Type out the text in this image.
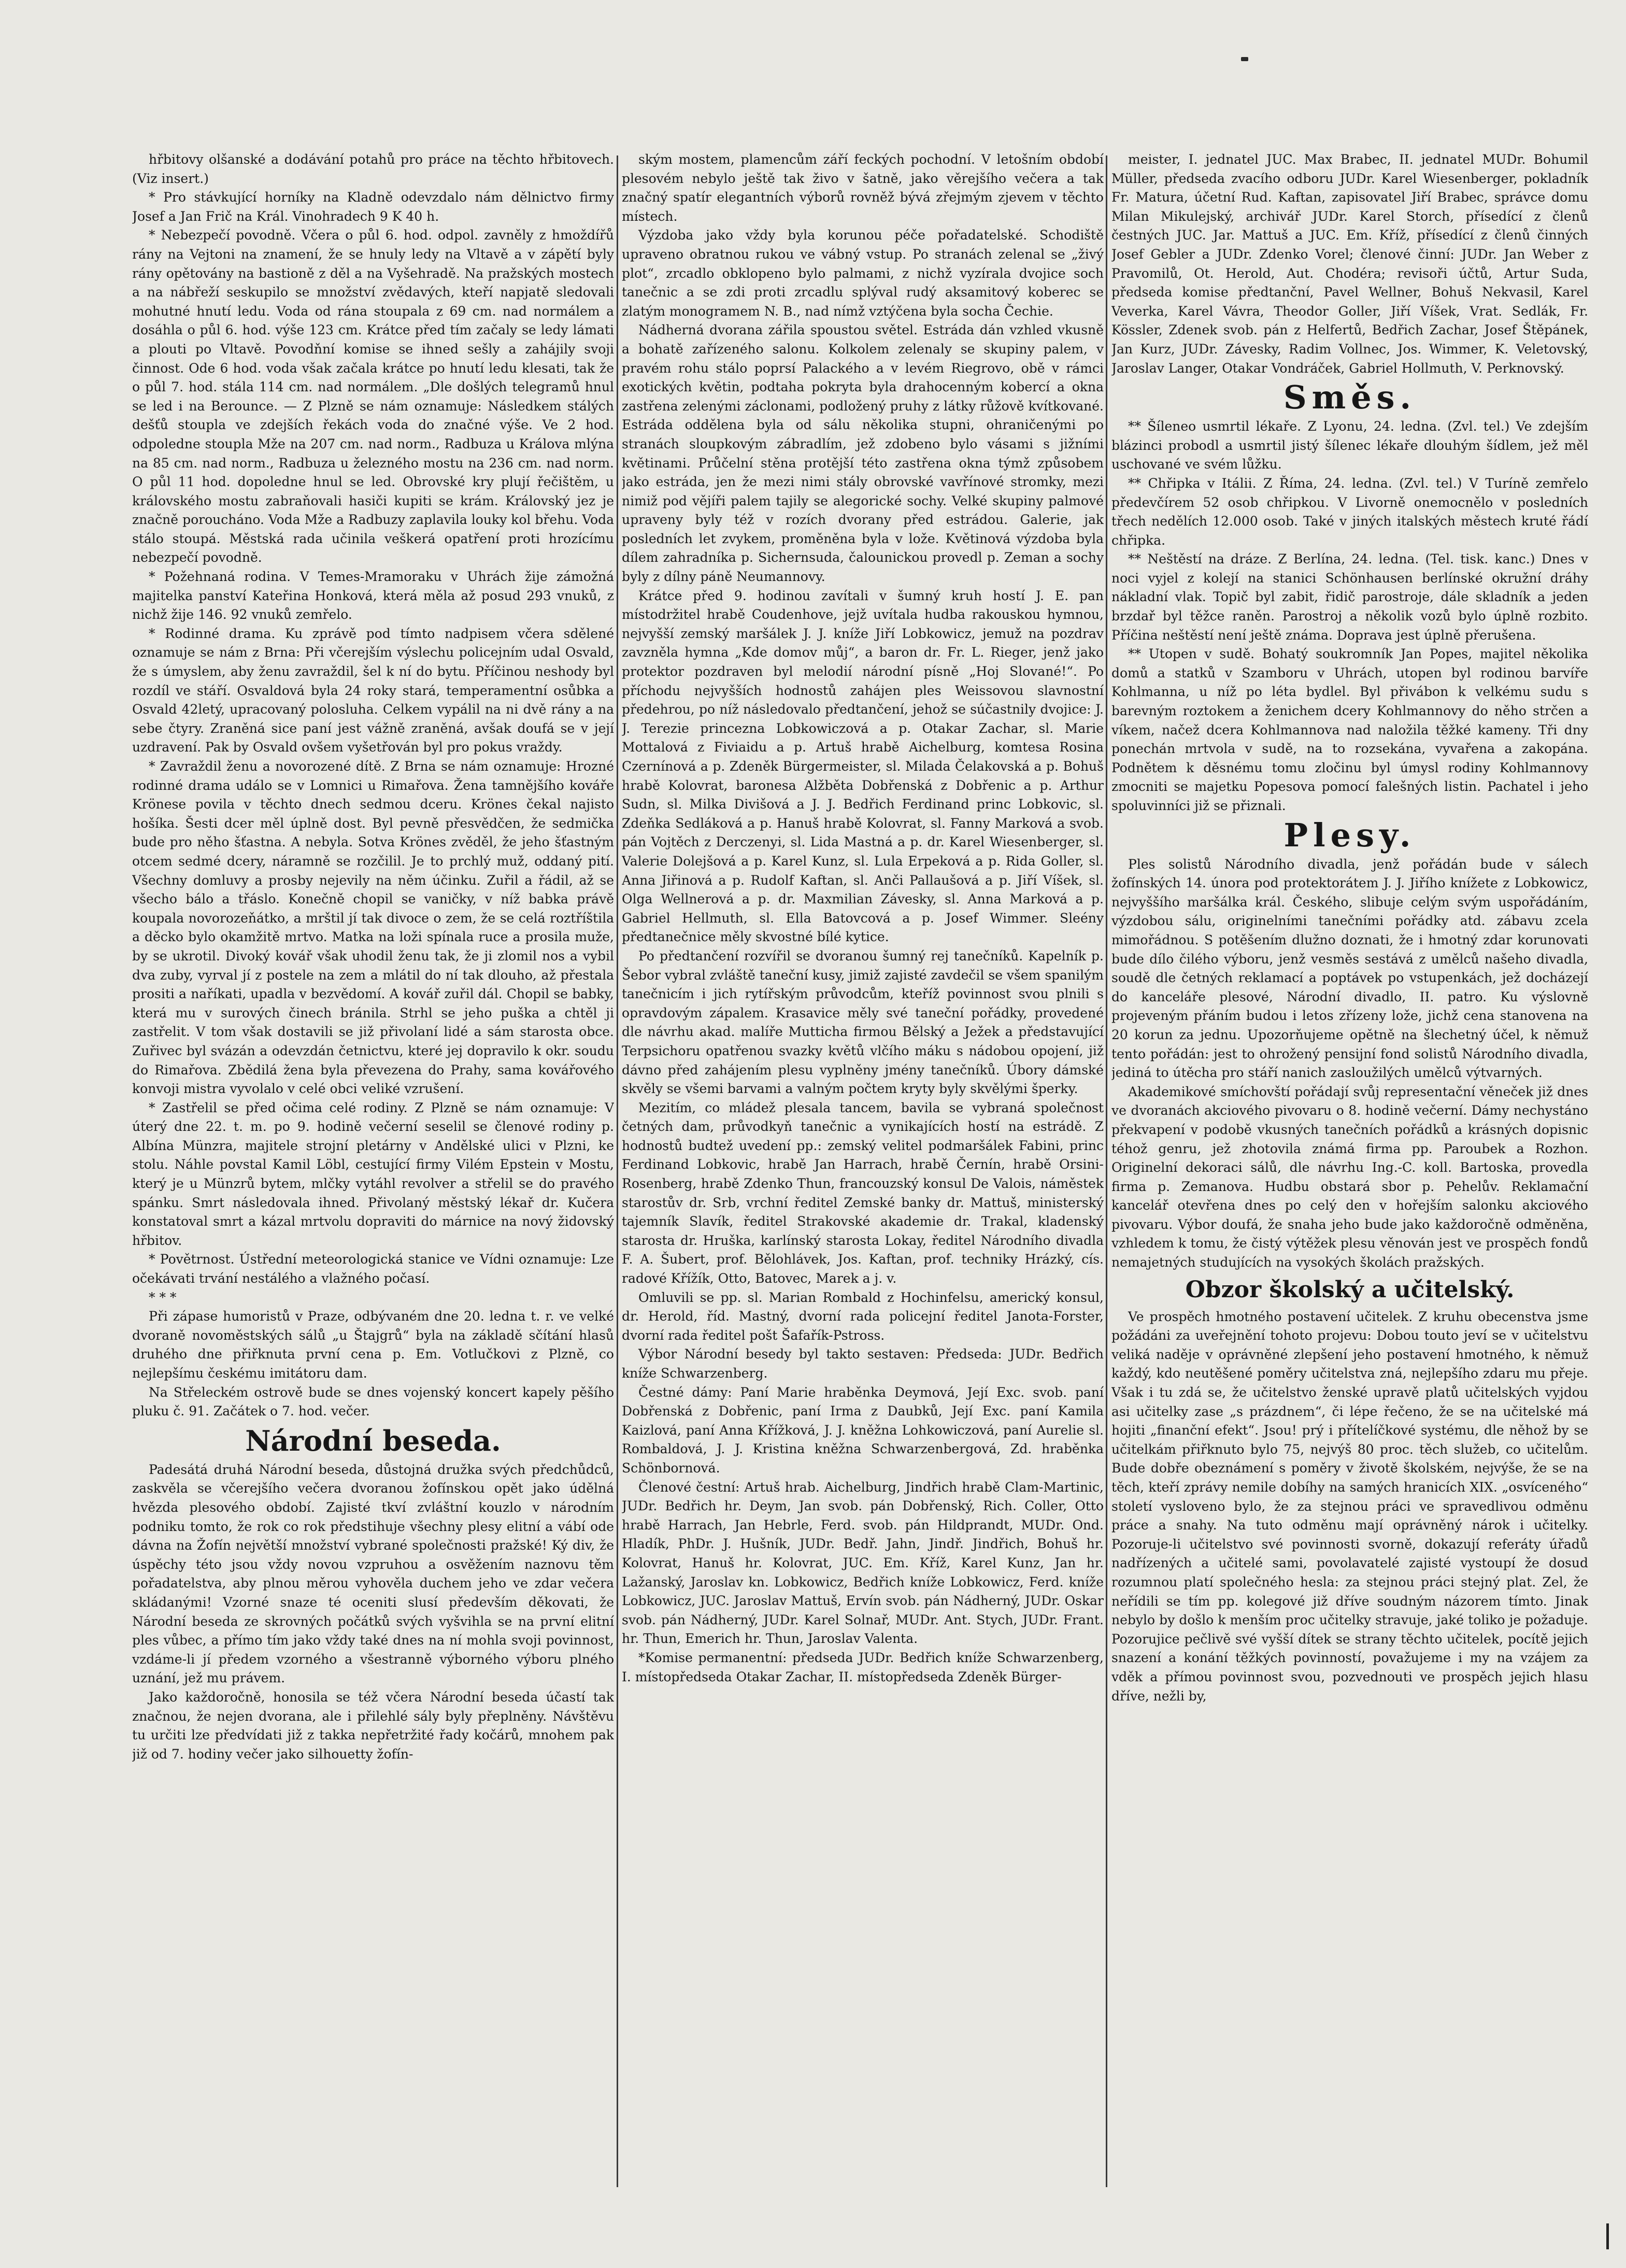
hřbitovy olšanské a dodávání potahů pro práce na těchto hřbitovech. (Viz insert.)

* Pro stávkující horníky na Kladně odevzdalo nám dělnictvo firmy Josef a Jan Frič na Král. Vinohradech 9 K 40 h.

* Nebezpečí povodně. Včera o půl 6. hod. odpol. zavněly z hmoždířů rány na Vejtoni na znamení, že se hnuly ledy na Vltavě a v zápětí byly rány opětovány na bastioně z děl a na Vyšehradě. Na pražských mostech a na nábřeží seskupilo se množství zvědavých, kteří napjatě sledovali mohutné hnutí ledu. Voda od rána stoupala z 69 cm. nad normálem a dosáhla o půl 6. hod. výše 123 cm. Krátce před tím začaly se ledy lámati a plouti po Vltavě. Povodňní komise se ihned sešly a zahájily svoji činnost. Ode 6 hod. voda však začala krátce po hnutí ledu klesati, tak že o půl 7. hod. stála 114 cm. nad normálem. „Dle došlých telegramů hnul se led i na Berounce. — Z Plzně se nám oznamuje: Následkem stálých dešťů stoupla ve zdejších řekách voda do značné výše. Ve 2 hod. odpoledne stoupla Mže na 207 cm. nad norm., Radbuza u Králova mlýna na 85 cm. nad norm., Radbuza u železného mostu na 236 cm. nad norm. O půl 11 hod. dopoledne hnul se led. Obrovské kry plují řečištěm, u královského mostu zabraňovali hasiči kupiti se krám. Královský jez je značně poroucháno. Voda Mže a Radbuzy zaplavila louky kol břehu. Voda stálo stoupá. Městská rada učinila veškerá opatření proti hrozícímu nebezpečí povodně.

* Požehnaná rodina. V Temes-Mramoraku v Uhrách žije zámožná majitelka panství Kateřina Honková, která měla až posud 293 vnuků, z nichž žije 146. 92 vnuků zemřelo.

* Rodinné drama. Ku zprávě pod tímto nadpisem včera sdělené oznamuje se nám z Brna: Při včerejším výslechu policejním udal Osvald, že s úmyslem, aby ženu zavraždil, šel k ní do bytu. Příčinou neshody byl rozdíl ve stáří. Osvaldová byla 24 roky stará, temperamentní osůbka a Osvald 42letý, upracovaný polosluha. Celkem vypálil na ni dvě rány a na sebe čtyry. Zraněná sice paní jest vážně zraněná, avšak doufá se v její uzdravení. Pak by Osvald ovšem vyšetřován byl pro pokus vraždy.

* Zavraždil ženu a novorozené dítě. Z Brna se nám oznamuje: Hrozné rodinné drama událo se v Lomnici u Rimařova. Žena tamnějšího kováře Krönese povila v těchto dnech sedmou dceru. Krönes čekal najisto hošíka. Šesti dcer měl úplně dost. Byl pevně přesvědčen, že sedmička bude pro něho šťastna. A nebyla. Sotva Krönes zvěděl, že jeho šťastným otcem sedmé dcery, náramně se rozčilil. Je to prchlý muž, oddaný pití. Všechny domluvy a prosby nejevily na něm účinku. Zuřil a řádil, až se všecho bálo a třáslo. Konečně chopil se vaničky, v níž babka právě koupala novorozeňátko, a mrštil jí tak divoce o zem, že se celá roztříštila a děcko bylo okamžitě mrtvo. Matka na loži spínala ruce a prosila muže, by se ukrotil. Divoký kovář však uhodil ženu tak, že ji zlomil nos a vybil dva zuby, vyrval jí z postele na zem a mlátil do ní tak dlouho, až přestala prositi a naříkati, upadla v bezvědomí. A kovář zuřil dál. Chopil se babky, která mu v surových činech bránila. Strhl se jeho puška a chtěl ji zastřelit. V tom však dostavili se již přivolaní lidé a sám starosta obce. Zuřivec byl svázán a odevzdán četnictvu, které jej dopravilo k okr. soudu do Rimařova. Zbědilá žena byla převezena do Prahy, sama kovářového konvoji mistra vyvolalo v celé obci veliké vzrušení.

* Zastřelil se před očima celé rodiny. Z Plzně se nám oznamuje: V úterý dne 22. t. m. po 9. hodině večerní seselil se členové rodiny p. Albína Münzra, majitele strojní pletárny v Andělské ulici v Plzni, ke stolu. Náhle povstal Kamil Löbl, cestující firmy Vilém Epstein v Mostu, který je u Münzrů bytem, mlčky vytáhl revolver a střelil se do pravého spánku. Smrt následovala ihned. Přivolaný městský lékař dr. Kučera konstatoval smrt a kázal mrtvolu dopraviti do márnice na nový židovský hřbitov.

* Povětrnost. Ústřední meteorologická stanice ve Vídni oznamuje: Lze očekávati trvání nestálého a vlažného počasí.

* * *

Při zápase humoristů v Praze, odbývaném dne 20. ledna t. r. ve velké dvoraně novoměstských sálů „u Štajgrů“ byla na základě sčítání hlasů druhého dne přiřknuta první cena p. Em. Votlučkovi z Plzně, co nejlepšímu českému imitátoru dam.

Na Střeleckém ostrově bude se dnes vojenský koncert kapely pěšího pluku č. 91. Začátek o 7. hod. večer.

Národní beseda.

Padesátá druhá Národní beseda, důstojná družka svých předchůdců, zaskvěla se včerejšího večera dvoranou žofínskou opět jako údělná hvězda plesového období. Zajisté tkví zvláštní kouzlo v národním podniku tomto, že rok co rok předstihuje všechny plesy elitní a vábí ode dávna na Žofín největší množství vybrané společnosti pražské! Ký div, že úspěchy této jsou vždy novou vzpruhou a osvěžením naznovu těm pořadatelstva, aby plnou měrou vyhověla duchem jeho ve zdar večera skládanými! Vzorné snaze té oceniti slusí především děkovati, že Národní beseda ze skrovných počátků svých vyšvihla se na první elitní ples vůbec, a přímo tím jako vždy také dnes na ní mohla svoji povinnost, vzdáme-li jí předem vzorného a všestranně výborného výboru plného uznání, jež mu právem.

Jako každoročně, honosila se též včera Národní beseda účastí tak značnou, že nejen dvorana, ale i přilehlé sály byly přeplněny. Návštěvu tu určiti lze předvídati již z takka nepřetržité řady kočárů, mnohem pak již od 7. hodiny večer jako silhouetty žofín-

ským mostem, plamencům září feckých pochodní. V letošním období plesovém nebylo ještě tak živo v šatně, jako věrejšího večera a tak značný spatír elegantních výborů rovněž bývá zřejmým zjevem v těchto místech.

Výzdoba jako vždy byla korunou péče pořadatelské. Schodiště upraveno obratnou rukou ve vábný vstup. Po stranách zelenal se „živý plot“, zrcadlo obklopeno bylo palmami, z nichž vyzírala dvojice soch tanečnic a se zdi proti zrcadlu splýval rudý aksamitový koberec se zlatým monogramem N. B., nad nímž vztýčena byla socha Čechie.

Nádherná dvorana zářila spoustou světel. Estráda dán vzhled vkusně a bohatě zařízeného salonu. Kolkolem zelenaly se skupiny palem, v pravém rohu stálo poprsí Palackého a v levém Riegrovo, obě v rámci exotických květin, podtaha pokryta byla drahocenným kobercí a okna zastřena zelenými záclonami, podložený pruhy z látky růžově kvítkované. Estráda oddělena byla od sálu několika stupni, ohraničenými po stranách sloupkovým zábradlím, jež zdobeno bylo vásami s jižními květinami. Průčelní stěna protější této zastřena okna týmž způsobem jako estráda, jen že mezi nimi stály obrovské vavřínové stromky, mezi nimiž pod vějíři palem tajily se alegorické sochy. Velké skupiny palmové upraveny byly též v rozích dvorany před estrádou. Galerie, jak posledních let zvykem, proměněna byla v lože. Květinová výzdoba byla dílem zahradníka p. Sichernsuda, čalounickou provedl p. Zeman a sochy byly z dílny páně Neumannovy.

Krátce před 9. hodinou zavítali v šumný kruh hostí J. E. pan místodržitel hrabě Coudenhove, jejž uvítala hudba rakouskou hymnou, nejvyšší zemský maršálek J. J. kníže Jiří Lobkowicz, jemuž na pozdrav zavzněla hymna „Kde domov můj“, a baron dr. Fr. L. Rieger, jenž jako protektor pozdraven byl melodií národní písně „Hoj Slované!“. Po příchodu nejvyšších hodnostů zahájen ples Weissovou slavnostní předehrou, po níž následovalo předtančení, jehož se súčastnily dvojice: J. J. Terezie princezna Lobkowiczová a p. Otakar Zachar, sl. Marie Mottalová z Fiviaidu a p. Artuš hrabě Aichelburg, komtesa Rosina Czernínová a p. Zdeněk Bürgermeister, sl. Milada Čelakovská a p. Bohuš hrabě Kolovrat, baronesa Alžběta Dobřenská z Dobřenic a p. Arthur Sudn, sl. Milka Divišová a J. J. Bedřich Ferdinand princ Lobkovic, sl. Zdeňka Sedláková a p. Hanuš hrabě Kolovrat, sl. Fanny Marková a svob. pán Vojtěch z Derczenyi, sl. Lida Mastná a p. dr. Karel Wiesenberger, sl. Valerie Dolejšová a p. Karel Kunz, sl. Lula Erpeková a p. Rida Goller, sl. Anna Jiřinová a p. Rudolf Kaftan, sl. Anči Pallaušová a p. Jiří Víšek, sl. Olga Wellnerová a p. dr. Maxmilian Závesky, sl. Anna Marková a p. Gabriel Hellmuth, sl. Ella Batovcová a p. Josef Wimmer. Sleény předtanečnice měly skvostné bílé kytice.

Po předtančení rozvířil se dvoranou šumný rej tanečníků. Kapelník p. Šebor vybral zvláště taneční kusy, jimiž zajisté zavdečil se všem spanilým tanečnicím i jich rytířským průvodcům, kteříž povinnost svou plnili s opravdovým zápalem. Krasavice měly své taneční pořádky, provedené dle návrhu akad. malíře Mutticha firmou Bělský a Ježek a představující Terpsichoru opatřenou svazky květů vlčího máku s nádobou opojení, již dávno před zahájením plesu vyplněny jmény tanečníků. Úbory dámské skvěly se všemi barvami a valným počtem kryty byly skvělými šperky.

Mezitím, co mládež plesala tancem, bavila se vybraná společnost četných dam, průvodkyň tanečnic a vynikajících hostí na estrádě. Z hodnostů budtež uvedení pp.: zemský velitel podmaršálek Fabini, princ Ferdinand Lobkovic, hrabě Jan Harrach, hrabě Černín, hrabě Orsini-Rosenberg, hrabě Zdenko Thun, francouzský konsul De Valois, náměstek starostův dr. Srb, vrchní ředitel Zemské banky dr. Mattuš, ministerský tajemník Slavík, ředitel Strakovské akademie dr. Trakal, kladenský starosta dr. Hruška, karlínský starosta Lokay, ředitel Národního divadla F. A. Šubert, prof. Bělohlávek, Jos. Kaftan, prof. techniky Hrázký, cís. radové Křížík, Otto, Batovec, Marek a j. v.

Omluvili se pp. sl. Marian Rombald z Hochinfelsu, americký konsul, dr. Herold, říd. Mastný, dvorní rada policejní ředitel Janota-Forster, dvorní rada ředitel pošt Šafařík-Pstross.

Výbor Národní besedy byl takto sestaven: Předseda: JUDr. Bedřich kníže Schwarzenberg.

Čestné dámy: Paní Marie hraběnka Deymová, Její Exc. svob. paní Dobřenská z Dobřenic, paní Irma z Daubků, Její Exc. paní Kamila Kaizlová, paní Anna Křížková, J. J. kněžna Lohkowiczová, paní Aurelie sl. Rombaldová, J. J. Kristina kněžna Schwarzenbergová, Zd. hraběnka Schönbornová.

Členové čestní: Artuš hrab. Aichelburg, Jindřich hrabě Clam-Martinic, JUDr. Bedřich hr. Deym, Jan svob. pán Dobřenský, Rich. Coller, Otto hrabě Harrach, Jan Hebrle, Ferd. svob. pán Hildprandt, MUDr. Ond. Hladík, PhDr. J. Hušník, JUDr. Bedř. Jahn, Jindř. Jindřich, Bohuš hr. Kolovrat, Hanuš hr. Kolovrat, JUC. Em. Kříž, Karel Kunz, Jan hr. Lažanský, Jaroslav kn. Lobkowicz, Bedřich kníže Lobkowicz, Ferd. kníže Lobkowicz, JUC. Jaroslav Mattuš, Ervín svob. pán Nádherný, JUDr. Oskar svob. pán Nádherný, JUDr. Karel Solnař, MUDr. Ant. Stych, JUDr. Frant. hr. Thun, Emerich hr. Thun, Jaroslav Valenta.

*Komise permanentní: předseda JUDr. Bedřich kníže Schwarzenberg, I. místopředseda Otakar Zachar, II. místopředseda Zdeněk Bürger-

meister, I. jednatel JUC. Max Brabec, II. jednatel MUDr. Bohumil Müller, předseda zvacího odboru JUDr. Karel Wiesenberger, pokladník Fr. Matura, účetní Rud. Kaftan, zapisovatel Jiří Brabec, správce domu Milan Mikulejský, archivář JUDr. Karel Storch, přísedící z členů čestných JUC. Jar. Mattuš a JUC. Em. Kříž, přísedící z členů činných Josef Gebler a JUDr. Zdenko Vorel; členové činní: JUDr. Jan Weber z Pravomilů, Ot. Herold, Aut. Chodéra; revisoři účtů, Artur Suda, předseda komise předtanční, Pavel Wellner, Bohuš Nekvasil, Karel Veverka, Karel Vávra, Theodor Goller, Jiří Víšek, Vrat. Sedlák, Fr. Kössler, Zdenek svob. pán z Helfertů, Bedřich Zachar, Josef Štěpánek, Jan Kurz, JUDr. Závesky, Radim Vollnec, Jos. Wimmer, K. Veletovský, Jaroslav Langer, Otakar Vondráček, Gabriel Hollmuth, V. Perknovský.

Směs.

** Šíleneo usmrtil lékaře. Z Lyonu, 24. ledna. (Zvl. tel.) Ve zdejším blázinci probodl a usmrtil jistý šílenec lékaře dlouhým šídlem, jež měl uschované ve svém lůžku.

** Chřipka v Itálii. Z Říma, 24. ledna. (Zvl. tel.) V Turíně zemřelo předevčírem 52 osob chřipkou. V Livorně onemocnělo v posledních třech nedělích 12.000 osob. Také v jiných italských městech kruté řádí chřipka.

** Neštěstí na dráze. Z Berlína, 24. ledna. (Tel. tisk. kanc.) Dnes v noci vyjel z kolejí na stanici Schönhausen berlínské okružní dráhy nákladní vlak. Topič byl zabit, řidič parostroje, dále skladník a jeden brzdař byl těžce raněn. Parostroj a několik vozů bylo úplně rozbito. Příčina neštěstí není ještě známa. Doprava jest úplně přerušena.

** Utopen v sudě. Bohatý soukromník Jan Popes, majitel několika domů a statků v Szamboru v Uhrách, utopen byl rodinou barvíře Kohlmanna, u níž po léta bydlel. Byl přivábon k velkému sudu s barevným roztokem a ženichem dcery Kohlmannovy do něho strčen a víkem, načež dcera Kohlmannova nad naložila těžké kameny. Tři dny ponechán mrtvola v sudě, na to rozsekána, vyvařena a zakopána. Podnětem k děsnému tomu zločinu byl úmysl rodiny Kohlmannovy zmocniti se majetku Popesova pomocí falešných listin. Pachatel i jeho spoluvinníci již se přiznali.

Plesy.

Ples solistů Národního divadla, jenž pořádán bude v sálech žofínských 14. února pod protektorátem J. J. Jiřího knížete z Lobkowicz, nejvyššího maršálka král. Českého, slibuje celým svým uspořádáním, výzdobou sálu, originelními tanečními pořádky atd. zábavu zcela mimořádnou. S potěšením dlužno doznati, že i hmotný zdar korunovati bude dílo čilého výboru, jenž vesměs sestává z umělců našeho divadla, soudě dle četných reklamací a poptávek po vstupenkách, jež docházejí do kanceláře plesové, Národní divadlo, II. patro. Ku výslovně projeveným přáním budou i letos zřízeny lože, jichž cena stanovena na 20 korun za jednu. Upozorňujeme opětně na šlechetný účel, k němuž tento pořádán: jest to ohrožený pensijní fond solistů Národního divadla, jediná to útěcha pro stáří nanich zasloužilých umělců výtvarných.

Akademikové smíchovští pořádají svůj representační věneček již dnes ve dvoranách akciového pivovaru o 8. hodině večerní. Dámy nechystáno překvapení v podobě vkusných tanečních pořádků a krásných dopisnic téhož genru, jež zhotovila známá firma pp. Paroubek a Rozhon. Originelní dekoraci sálů, dle návrhu Ing.-C. koll. Bartoska, provedla firma p. Zemanova. Hudbu obstará sbor p. Pehelův. Reklamační kancelář otevřena dnes po celý den v hořejším salonku akciového pivovaru. Výbor doufá, že snaha jeho bude jako každoročně odměněna, vzhledem k tomu, že čistý výtěžek plesu věnován jest ve prospěch fondů nemajetných studujících na vysokých školách pražských.

Obzor školský a učitelský.

Ve prospěch hmotného postavení učitelek. Z kruhu obecenstva jsme požádáni za uveřejnění tohoto projevu: Dobou touto jeví se v učitelstvu veliká naděje v oprávněné zlepšení jeho postavení hmotného, k němuž každý, kdo neutěšené poměry učitelstva zná, nejlepšího zdaru mu přeje. Však i tu zdá se, že učitelstvo ženské upravě platů učitelských vyjdou asi učitelky zase „s prázdnem“, či lépe řečeno, že se na učitelské má hojiti „finanční efekt“. Jsou! prý i přítelíčkové systému, dle něhož by se učitelkám přiřknuto bylo 75, nejvýš 80 proc. těch služeb, co učitelům. Bude dobře obeznámení s poměry v životě školském, nejvýše, že se na těch, kteří zprávy nemile dobíhy na samých hranicích XIX. „osvíceného“ století vysloveno bylo, že za stejnou práci ve spravedlivou odměnu práce a snahy. Na tuto odměnu mají oprávněný nárok i učitelky. Pozoruje-li učitelstvo své povinnosti svorně, dokazují referáty úřadů nadřízených a učitelé sami, povolavatelé zajisté vystoupí že dosud rozumnou platí společného hesla: za stejnou práci stejný plat. Zel, že neřídili se tím pp. kolegové již dříve soudným názorem tímto. Jinak nebylo by došlo k menším proc učitelky stravuje, jaké toliko je požaduje. Pozorujice pečlivě své vyšší dítek se strany těchto učitelek, pocítě jejich snazení a konání těžkých povinností, považujeme i my na vzájem za vděk a přímou povinnost svou, pozvednouti ve prospěch jejich hlasu dříve, nežli by,
